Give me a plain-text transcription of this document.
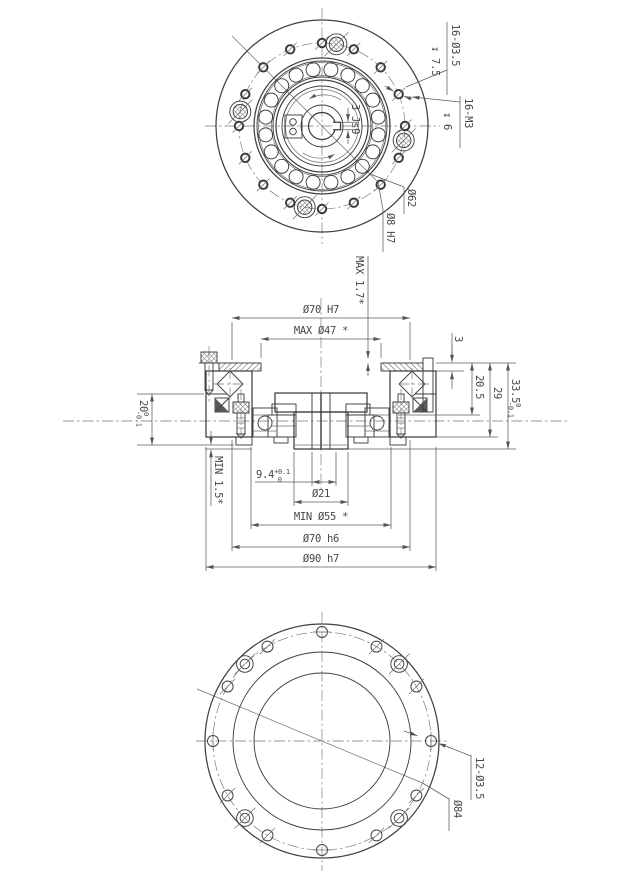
3 Js9
16-Ø3.5
↧ 7.5
16-M3
↧ 6
Ø62
Ø8 H7
Ø70 H7
MAX Ø47 *
MAX 1.7*
3
20.5 29 33.5$^0$-0.1
$20^0-0.1$
MIN 1.5*	$9.4^{+0.1}$ 0
Ø21
MIN Ø55 *
Ø70 h6
Ø90 h7
12-Ø3.5
Ø84
